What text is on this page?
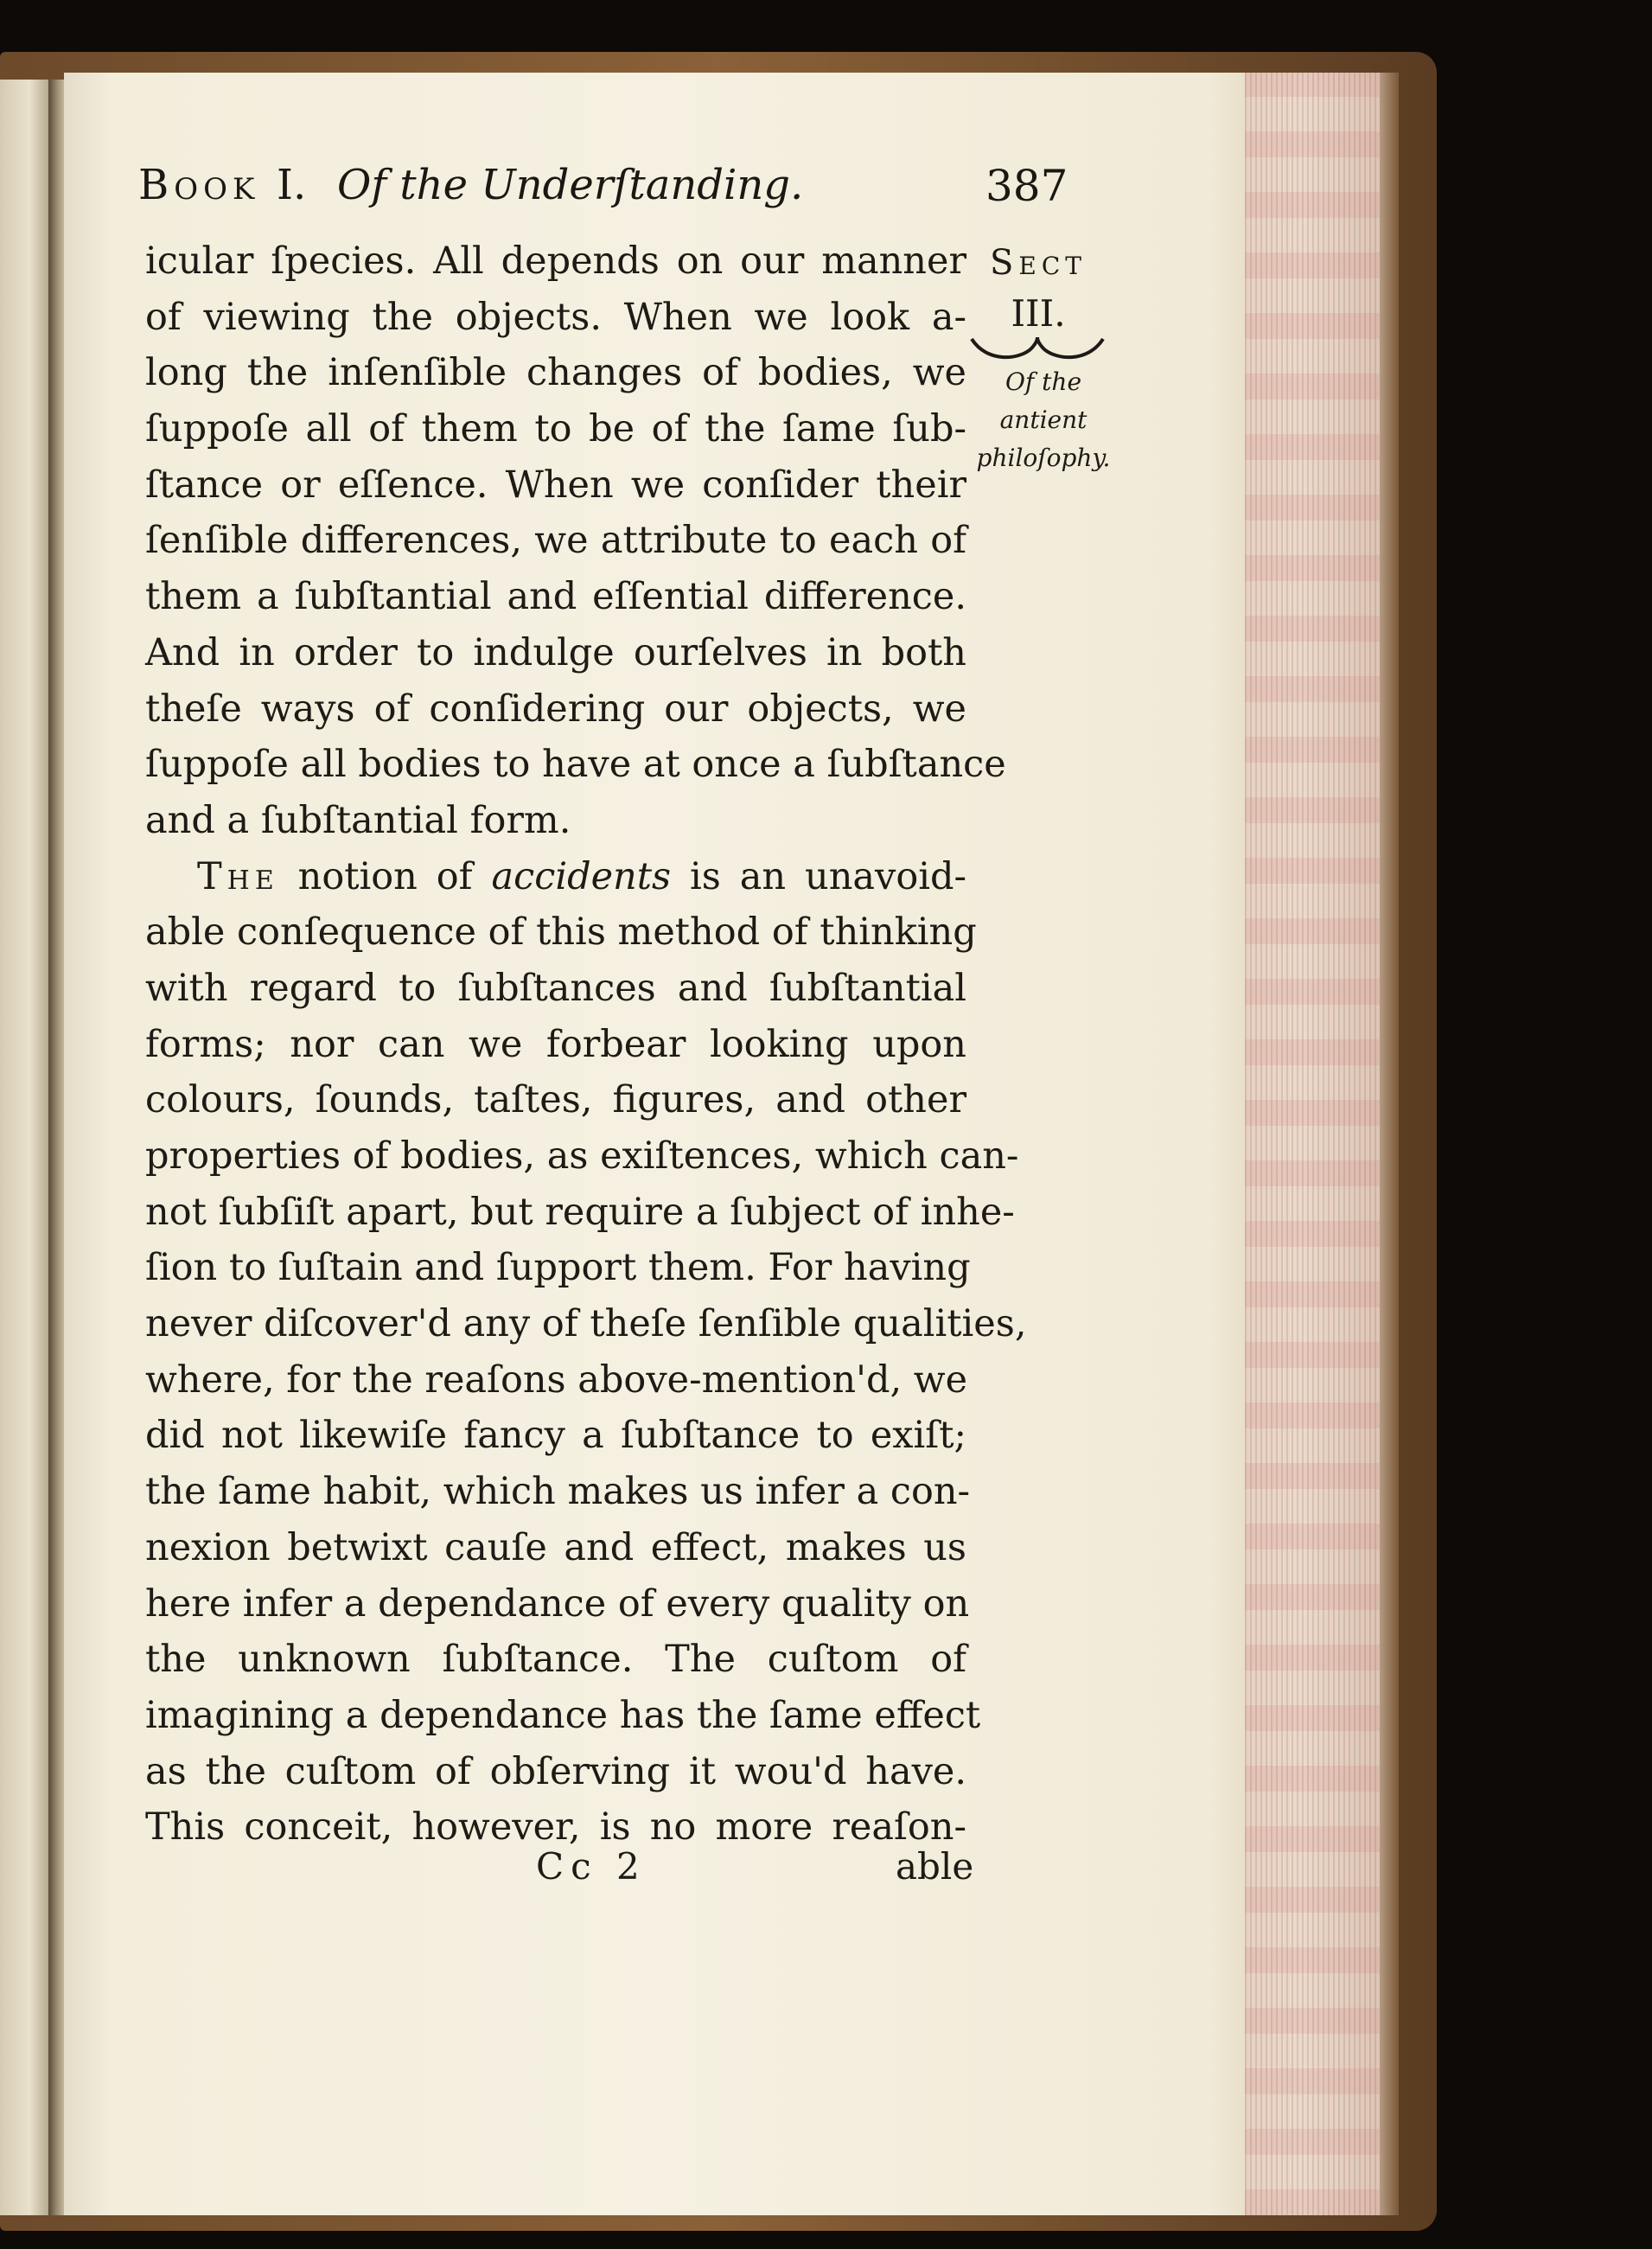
Book I. Of the Underſtanding.	387
Sect
III.
Of the
antient
philoſophy.
icular ſpecies. All depends on our manner
of viewing the objects. When we look a-
long the inſenſible changes of bodies, we
ſuppoſe all of them to be of the ſame ſub-
ſtance or eſſence. When we conſider their
ſenſible differences, we attribute to each of
them a ſubſtantial and eſſential difference.
And in order to indulge ourſelves in both
theſe ways of conſidering our objects, we
ſuppoſe all bodies to have at once a ſubſtance
and a ſubſtantial form.
The notion of accidents is an unavoid-
able conſequence of this method of thinking
with regard to ſubſtances and ſubſtantial
forms; nor can we forbear looking upon
colours, ſounds, taſtes, figures, and other
properties of bodies, as exiſtences, which can-
not ſubſiſt apart, but require a ſubject of inhe-
ſion to ſuſtain and ſupport them. For having
never diſcover'd any of theſe ſenſible qualities,
where, for the reaſons above-mention'd, we
did not likewiſe fancy a ſubſtance to exiſt;
the ſame habit, which makes us infer a con-
nexion betwixt cauſe and effect, makes us
here infer a dependance of every quality on
the unknown ſubſtance. The cuſtom of
imagining a dependance has the ſame effect
as the cuſtom of obſerving it wou'd have.
This conceit, however, is no more reaſon-
Cc 2	able
